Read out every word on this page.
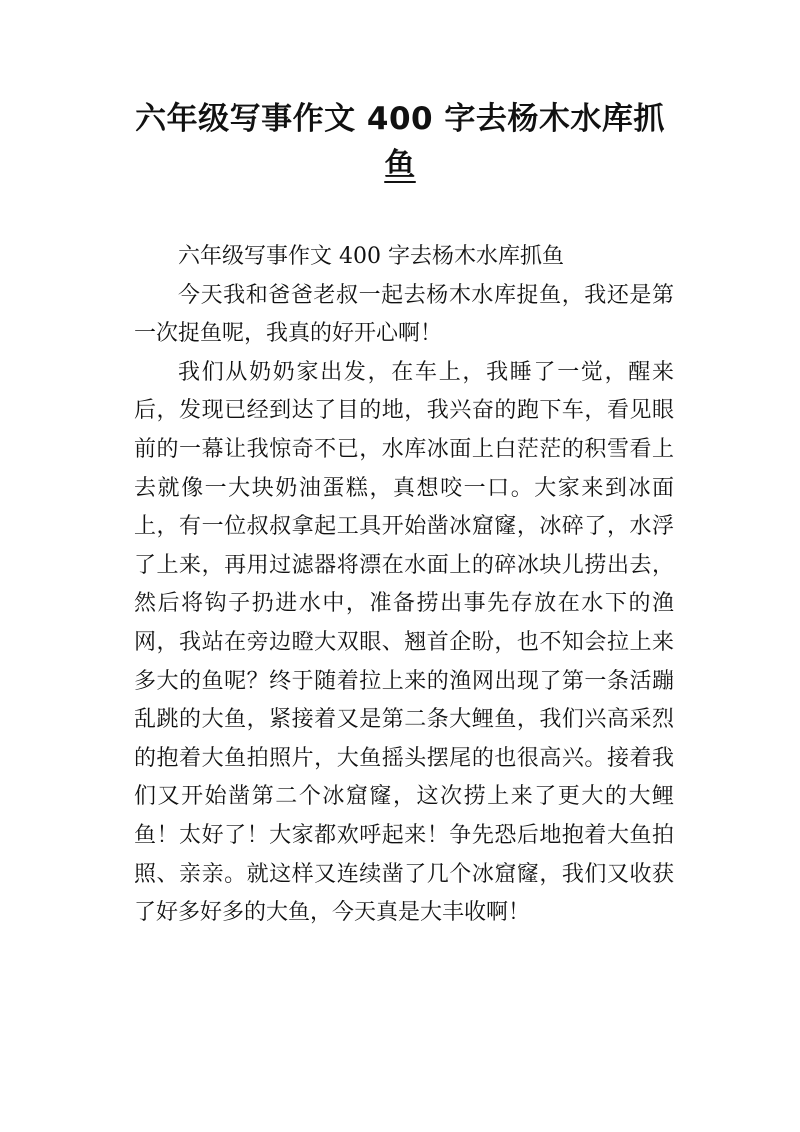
六年级写事作文 400 字去杨木水库抓
鱼

六年级写事作文 400 字去杨木水库抓鱼

今天我和爸爸老叔一起去杨木水库捉鱼，我还是第一次捉鱼呢，我真的好开心啊！

我们从奶奶家出发，在车上，我睡了一觉，醒来后，发现已经到达了目的地，我兴奋的跑下车，看见眼前的一幕让我惊奇不已，水库冰面上白茫茫的积雪看上去就像一大块奶油蛋糕，真想咬一口。大家来到冰面上，有一位叔叔拿起工具开始凿冰窟窿，冰碎了，水浮了上来，再用过滤器将漂在水面上的碎冰块儿捞出去，然后将钩子扔进水中，准备捞出事先存放在水下的渔网，我站在旁边瞪大双眼、翘首企盼，也不知会拉上来多大的鱼呢？终于随着拉上来的渔网出现了第一条活蹦乱跳的大鱼，紧接着又是第二条大鲤鱼，我们兴高采烈的抱着大鱼拍照片，大鱼摇头摆尾的也很高兴。接着我们又开始凿第二个冰窟窿，这次捞上来了更大的大鲤鱼！太好了！大家都欢呼起来！争先恐后地抱着大鱼拍照、亲亲。就这样又连续凿了几个冰窟窿，我们又收获了好多好多的大鱼，今天真是大丰收啊！
